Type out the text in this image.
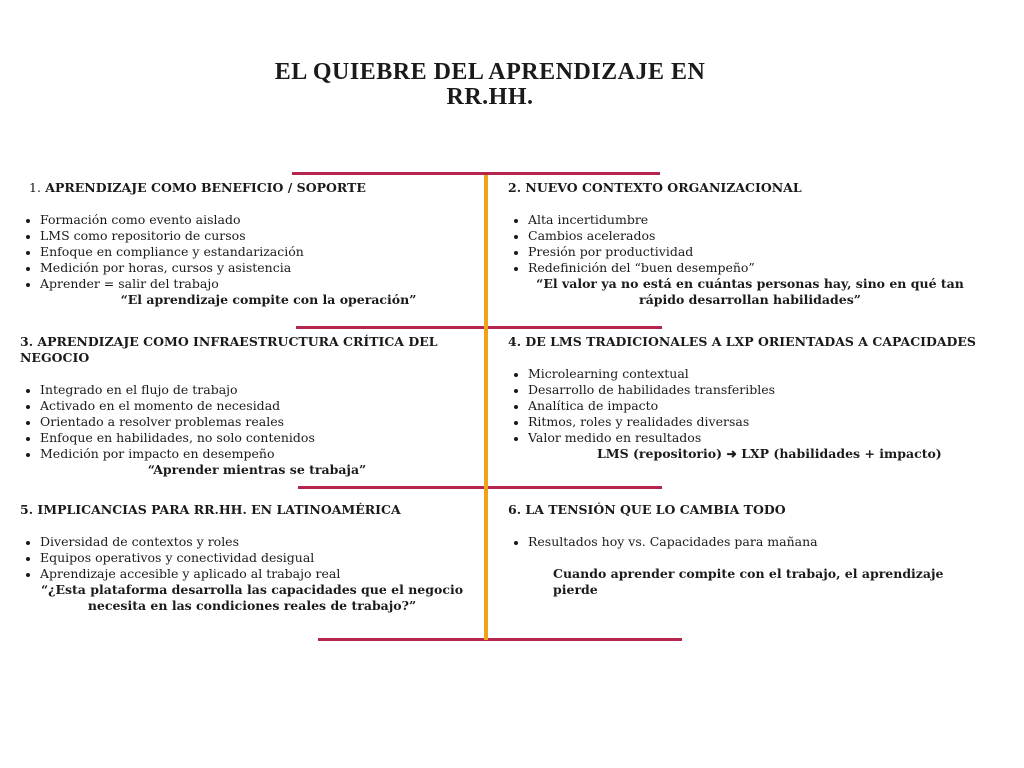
EL QUIEBRE DEL APRENDIZAJE EN RR.HH.
1. APRENDIZAJE COMO BENEFICIO / SOPORTE
Formación como evento aislado
LMS como repositorio de cursos
Enfoque en compliance y estandarización
Medición por horas, cursos y asistencia
Aprender = salir del trabajo
“El aprendizaje compite con la operación”
2. NUEVO CONTEXTO ORGANIZACIONAL
Alta incertidumbre
Cambios acelerados
Presión por productividad
Redefinición del “buen desempeño”
“El valor ya no está en cuántas personas hay, sino en qué tan rápido desarrollan habilidades”
3. APRENDIZAJE COMO INFRAESTRUCTURA CRÍTICA DEL NEGOCIO
Integrado en el flujo de trabajo
Activado en el momento de necesidad
Orientado a resolver problemas reales
Enfoque en habilidades, no solo contenidos
Medición por impacto en desempeño
“Aprender mientras se trabaja”
4. DE LMS TRADICIONALES A LXP ORIENTADAS A CAPACIDADES
Microlearning contextual
Desarrollo de habilidades transferibles
Analítica de impacto
Ritmos, roles y realidades diversas
Valor medido en resultados
LMS (repositorio) ➜ LXP (habilidades + impacto)
5. IMPLICANCIAS PARA RR.HH. EN LATINOAMÉRICA
Diversidad de contextos y roles
Equipos operativos y conectividad desigual
Aprendizaje accesible y aplicado al trabajo real
“¿Esta plataforma desarrolla las capacidades que el negocio necesita en las condiciones reales de trabajo?”
6. LA TENSIÓN QUE LO CAMBIA TODO
Resultados hoy vs. Capacidades para mañana
Cuando aprender compite con el trabajo, el aprendizaje pierde
